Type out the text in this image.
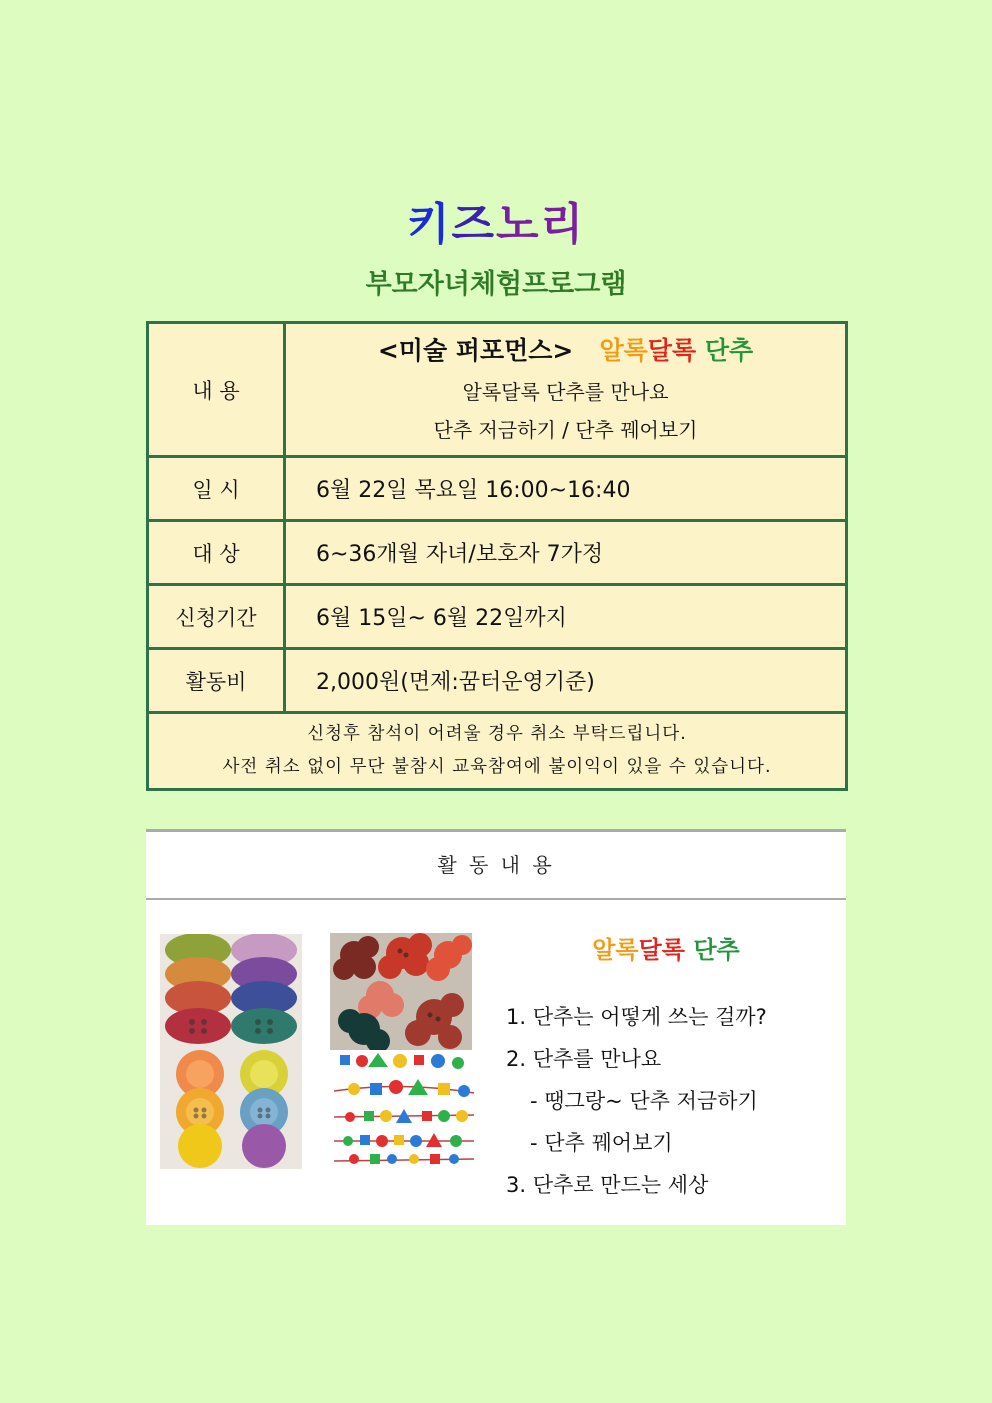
키즈노리
부모자녀체험프로그램
내 용	<미술 퍼포먼스> 알록달록 단추
알록달록 단추를 만나요
단추 저금하기 / 단추 꿰어보기

일 시	6월 22일 목요일 16:00~16:40
대 상	6~36개월 자녀/보호자 7가정
신청기간	6월 15일~ 6월 22일까지
활동비	2,000원(면제:꿈터운영기준)

신청후 참석이 어려울 경우 취소 부탁드립니다.
사전 취소 없이 무단 불참시 교육참여에 불이익이 있을 수 있습니다.	
활 동 내 용
알록달록 단추
1. 단추는 어떻게 쓰는 걸까?
2. 단추를 만나요
- 땡그랑~ 단추 저금하기
- 단추 꿰어보기
3. 단추로 만드는 세상
